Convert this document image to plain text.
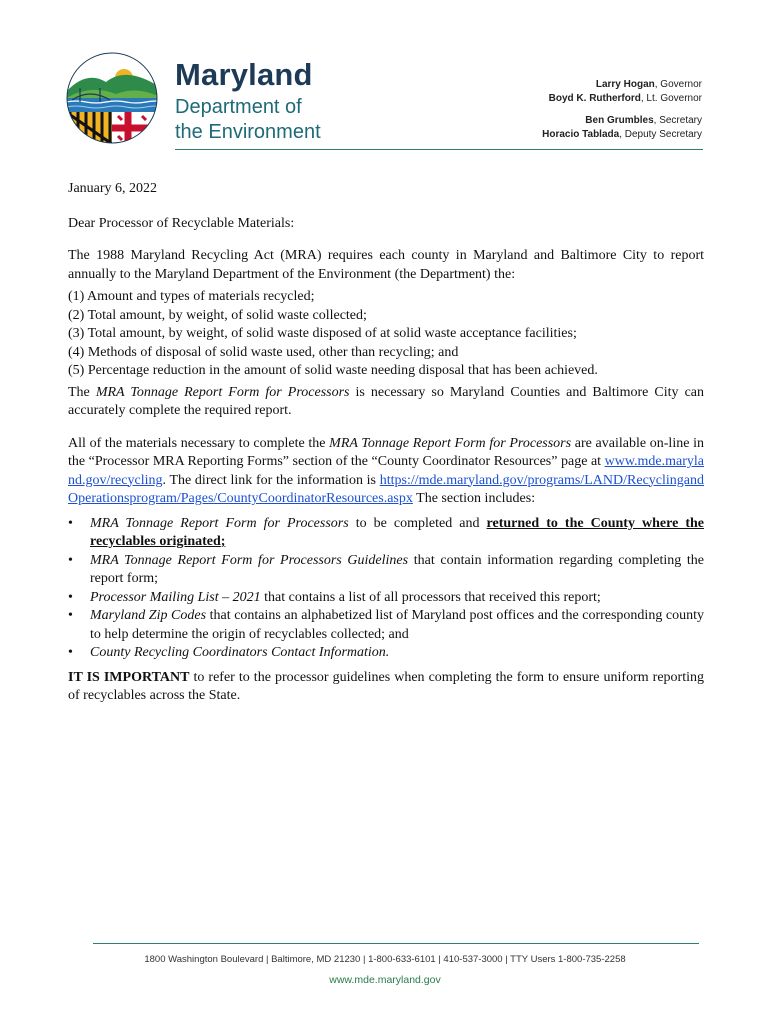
Maryland
Department of
the Environment
Larry Hogan, Governor
Boyd K. Rutherford, Lt. Governor
Ben Grumbles, Secretary
Horacio Tablada, Deputy Secretary

January 6, 2022

Dear Processor of Recyclable Materials:

The 1988 Maryland Recycling Act (MRA) requires each county in Maryland and Baltimore City to report annually to the Maryland Department of the Environment (the Department) the:

(1) Amount and types of materials recycled;
(2) Total amount, by weight, of solid waste collected;
(3) Total amount, by weight, of solid waste disposed of at solid waste acceptance facilities;
(4) Methods of disposal of solid waste used, other than recycling; and
(5) Percentage reduction in the amount of solid waste needing disposal that has been achieved.

The MRA Tonnage Report Form for Processors is necessary so Maryland Counties and Baltimore City can accurately complete the required report.

All of the materials necessary to complete the MRA Tonnage Report Form for Processors are available on-line in the “Processor MRA Reporting Forms” section of the “County Coordinator Resources” page at www.mde.maryland.gov/recycling. The direct link for the information is https://mde.maryland.gov/programs/LAND/RecyclingandOperationsprogram/Pages/CountyCoordinatorResources.aspx The section includes:

• MRA Tonnage Report Form for Processors to be completed and returned to the County where the recyclables originated;
• MRA Tonnage Report Form for Processors Guidelines that contain information regarding completing the report form;
• Processor Mailing List – 2021 that contains a list of all processors that received this report;
• Maryland Zip Codes that contains an alphabetized list of Maryland post offices and the corresponding county to help determine the origin of recyclables collected; and
• County Recycling Coordinators Contact Information.

IT IS IMPORTANT to refer to the processor guidelines when completing the form to ensure uniform reporting of recyclables across the State.

1800 Washington Boulevard | Baltimore, MD 21230 | 1-800-633-6101 | 410-537-3000 | TTY Users 1-800-735-2258
www.mde.maryland.gov
